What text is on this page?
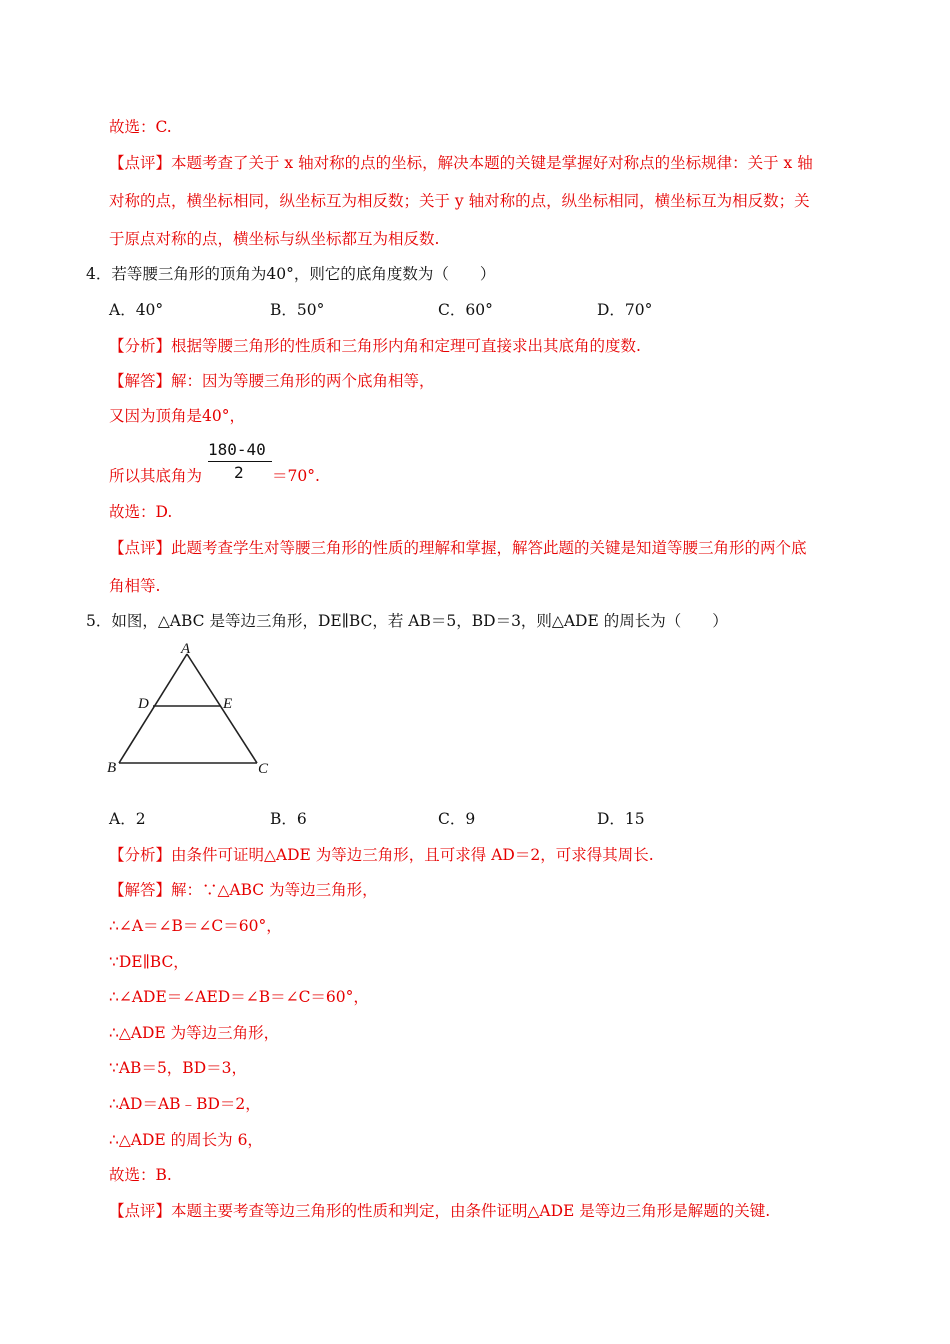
故选：C.
【点评】本题考查了关于 x 轴对称的点的坐标，解决本题的关键是掌握好对称点的坐标规律：关于 x 轴
对称的点，横坐标相同，纵坐标互为相反数；关于 y 轴对称的点，纵坐标相同，横坐标互为相反数；关
于原点对称的点，横坐标与纵坐标都互为相反数.
4．若等腰三角形的顶角为40°，则它的底角度数为（　　）
A．40°	B．50°	C．60°	D．70°
【分析】根据等腰三角形的性质和三角形内角和定理可直接求出其底角的度数.
【解答】解：因为等腰三角形的两个底角相等，
又因为顶角是40°，
所以其底角为
180-40
2 ＝70°.
故选：D.
【点评】此题考查学生对等腰三角形的性质的理解和掌握，解答此题的关键是知道等腰三角形的两个底
角相等.
5．如图，△ABC 是等边三角形，DE∥BC，若 AB＝5，BD＝3，则△ADE 的周长为（　　）
A
D	E
B	C
A．2	B．6	C．9	D．15
【分析】由条件可证明△ADE 为等边三角形，且可求得 AD＝2，可求得其周长.
【解答】解：∵△ABC 为等边三角形，
∴∠A＝∠B＝∠C＝60°，
∵DE∥BC，
∴∠ADE＝∠AED＝∠B＝∠C＝60°，
∴△ADE 为等边三角形，
∵AB＝5，BD＝3，
∴AD＝AB﹣BD＝2，
∴△ADE 的周长为 6，
故选：B.
【点评】本题主要考查等边三角形的性质和判定，由条件证明△ADE 是等边三角形是解题的关键.
